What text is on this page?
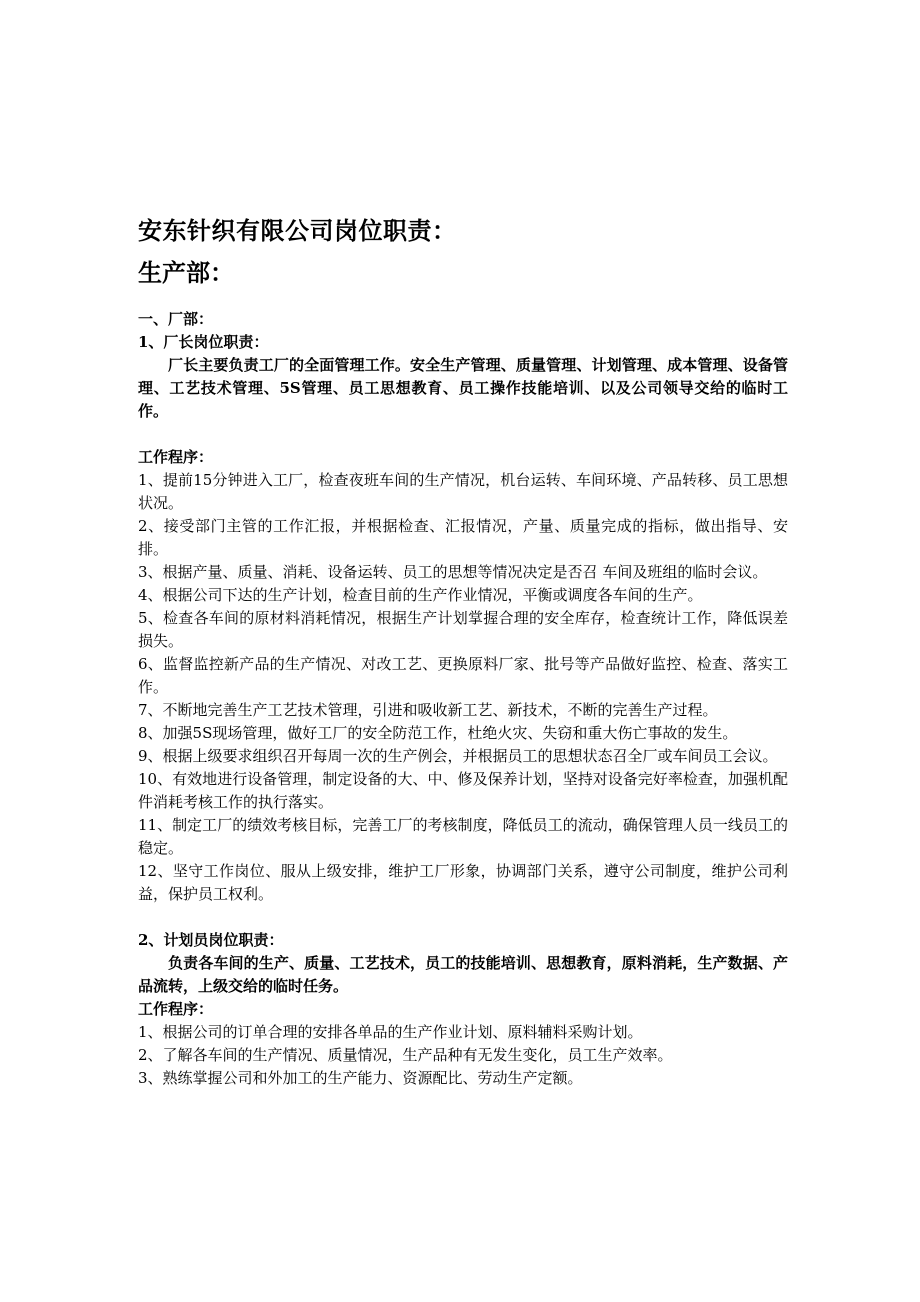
安东针织有限公司岗位职责：
生产部：

一、厂部：

1、厂长岗位职责：

厂长主要负责工厂的全面管理工作。安全生产管理、质量管理、计划管理、成本管理、设备管理、工艺技术管理、5S管理、员工思想教育、员工操作技能培训、以及公司领导交给的临时工作。

工作程序：

1、提前15分钟进入工厂，检查夜班车间的生产情况，机台运转、车间环境、产品转移、员工思想状况。
2、接受部门主管的工作汇报，并根据检查、汇报情况，产量、质量完成的指标，做出指导、安排。
3、根据产量、质量、消耗、设备运转、员工的思想等情况决定是否召 车间及班组的临时会议。
4、根据公司下达的生产计划，检查目前的生产作业情况，平衡或调度各车间的生产。
5、检查各车间的原材料消耗情况，根据生产计划掌握合理的安全库存，检查统计工作，降低误差损失。
6、监督监控新产品的生产情况、对改工艺、更换原料厂家、批号等产品做好监控、检查、落实工作。
7、不断地完善生产工艺技术管理，引进和吸收新工艺、新技术，不断的完善生产过程。
8、加强5S现场管理，做好工厂的安全防范工作，杜绝火灾、失窃和重大伤亡事故的发生。
9、根据上级要求组织召开每周一次的生产例会，并根据员工的思想状态召全厂或车间员工会议。
10、有效地进行设备管理，制定设备的大、中、修及保养计划，坚持对设备完好率检查，加强机配件消耗考核工作的执行落实。
11、制定工厂的绩效考核目标，完善工厂的考核制度，降低员工的流动，确保管理人员一线员工的稳定。
12、坚守工作岗位、服从上级安排，维护工厂形象，协调部门关系，遵守公司制度，维护公司利益，保护员工权利。

2、计划员岗位职责：

负责各车间的生产、质量、工艺技术，员工的技能培训、思想教育，原料消耗，生产数据、产品流转，上级交给的临时任务。

工作程序：

1、根据公司的订单合理的安排各单品的生产作业计划、原料辅料采购计划。
2、了解各车间的生产情况、质量情况，生产品种有无发生变化，员工生产效率。
3、熟练掌握公司和外加工的生产能力、资源配比、劳动生产定额。
